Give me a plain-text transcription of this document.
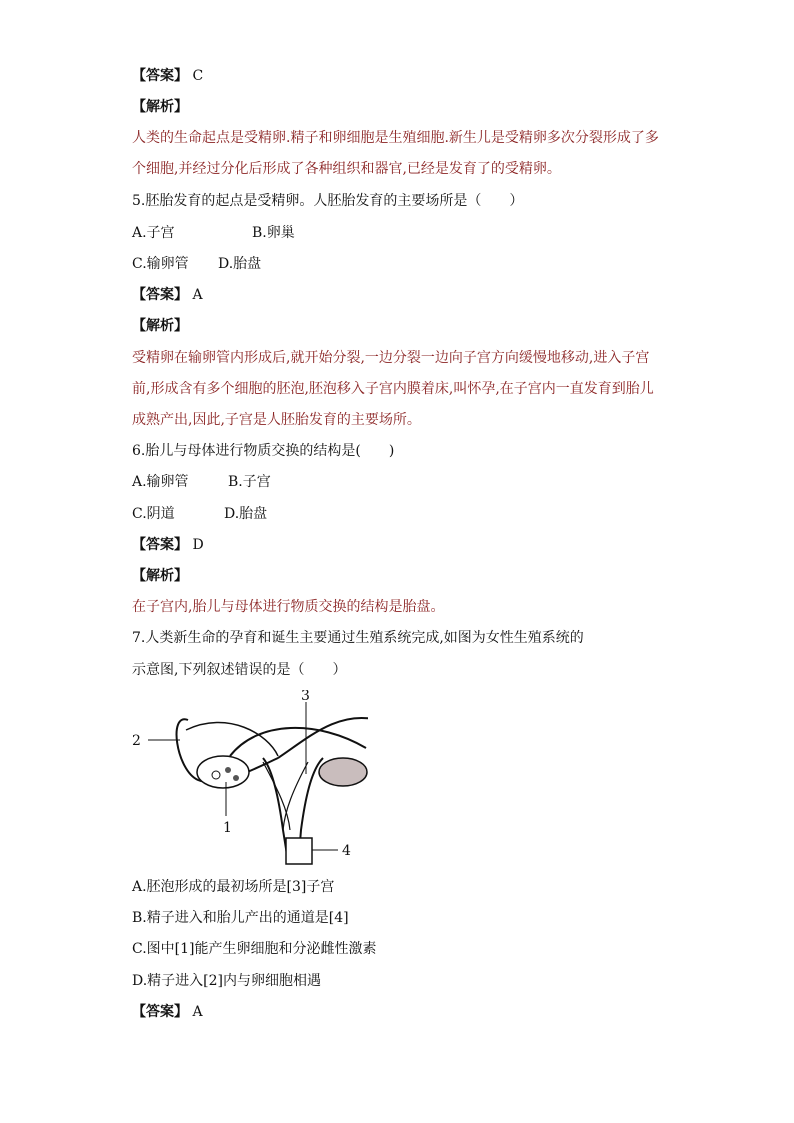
【答案】 C
【解析】
人类的生命起点是受精卵.精子和卵细胞是生殖细胞.新生儿是受精卵多次分裂形成了多
个细胞,并经过分化后形成了各种组织和器官,已经是发育了的受精卵。
5.胚胎发育的起点是受精卵。人胚胎发育的主要场所是（　　）
A.子宫	B.卵巢
C.输卵管 D.胎盘
【答案】 A
【解析】
受精卵在输卵管内形成后,就开始分裂,一边分裂一边向子宫方向缓慢地移动,进入子宫
前,形成含有多个细胞的胚泡,胚泡移入子宫内膜着床,叫怀孕,在子宫内一直发育到胎儿
成熟产出,因此,子宫是人胚胎发育的主要场所。
6.胎儿与母体进行物质交换的结构是(　　)
A.输卵管	B.子宫
C.阴道	D.胎盘
【答案】 D
【解析】
在子宫内,胎儿与母体进行物质交换的结构是胎盘。
7.人类新生命的孕育和诞生主要通过生殖系统完成,如图为女性生殖系统的
示意图,下列叙述错误的是（　　）
2
3
1
4
A.胚泡形成的最初场所是[3]子宫
B.精子进入和胎儿产出的通道是[4]
C.图中[1]能产生卵细胞和分泌雌性激素
D.精子进入[2]内与卵细胞相遇
【答案】 A
